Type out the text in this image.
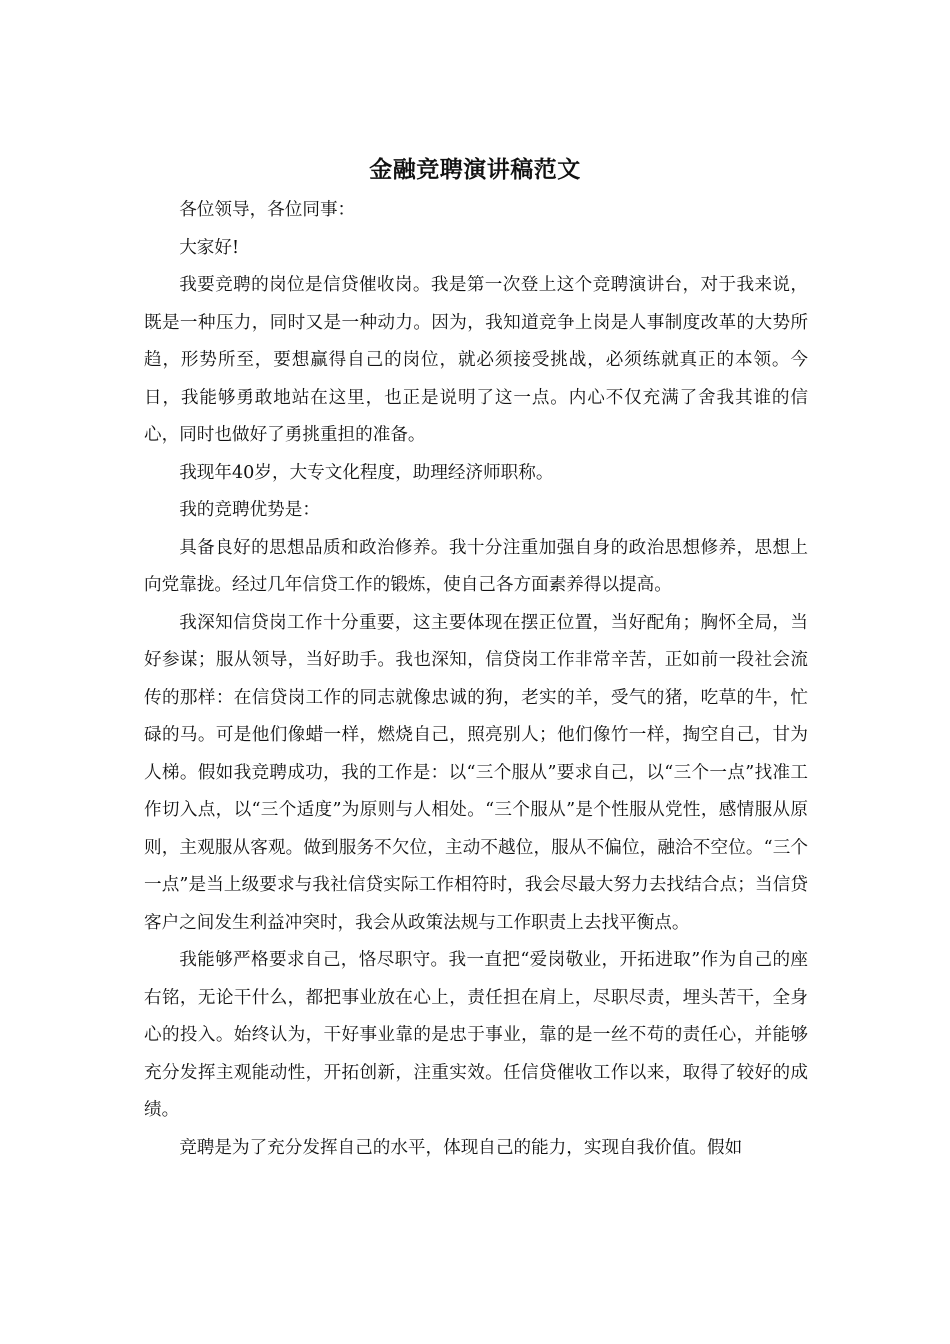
金融竞聘演讲稿范文

各位领导，各位同事：

大家好!

我要竞聘的岗位是信贷催收岗。我是第一次登上这个竞聘演讲台，对于我来说，既是一种压力，同时又是一种动力。因为，我知道竞争上岗是人事制度改革的大势所趋，形势所至，要想赢得自己的岗位，就必须接受挑战，必须练就真正的本领。今日，我能够勇敢地站在这里，也正是说明了这一点。内心不仅充满了舍我其谁的信心，同时也做好了勇挑重担的准备。

我现年40岁，大专文化程度，助理经济师职称。

我的竞聘优势是：

具备良好的思想品质和政治修养。我十分注重加强自身的政治思想修养，思想上向党靠拢。经过几年信贷工作的锻炼，使自己各方面素养得以提高。

我深知信贷岗工作十分重要，这主要体现在摆正位置，当好配角；胸怀全局，当好参谋；服从领导，当好助手。我也深知，信贷岗工作非常辛苦，正如前一段社会流传的那样：在信贷岗工作的同志就像忠诚的狗，老实的羊，受气的猪，吃草的牛，忙碌的马。可是他们像蜡一样，燃烧自己，照亮别人；他们像竹一样，掏空自己，甘为人梯。假如我竞聘成功，我的工作是：以“三个服从”要求自己，以“三个一点”找准工作切入点，以“三个适度”为原则与人相处。“三个服从”是个性服从党性，感情服从原则，主观服从客观。做到服务不欠位，主动不越位，服从不偏位，融洽不空位。“三个一点”是当上级要求与我社信贷实际工作相符时，我会尽最大努力去找结合点；当信贷客户之间发生利益冲突时，我会从政策法规与工作职责上去找平衡点。

我能够严格要求自己，恪尽职守。我一直把“爱岗敬业，开拓进取”作为自己的座右铭，无论干什么，都把事业放在心上，责任担在肩上，尽职尽责，埋头苦干，全身心的投入。始终认为，干好事业靠的是忠于事业，靠的是一丝不苟的责任心，并能够充分发挥主观能动性，开拓创新，注重实效。任信贷催收工作以来，取得了较好的成绩。

竞聘是为了充分发挥自己的水平，体现自己的能力，实现自我价值。假如
